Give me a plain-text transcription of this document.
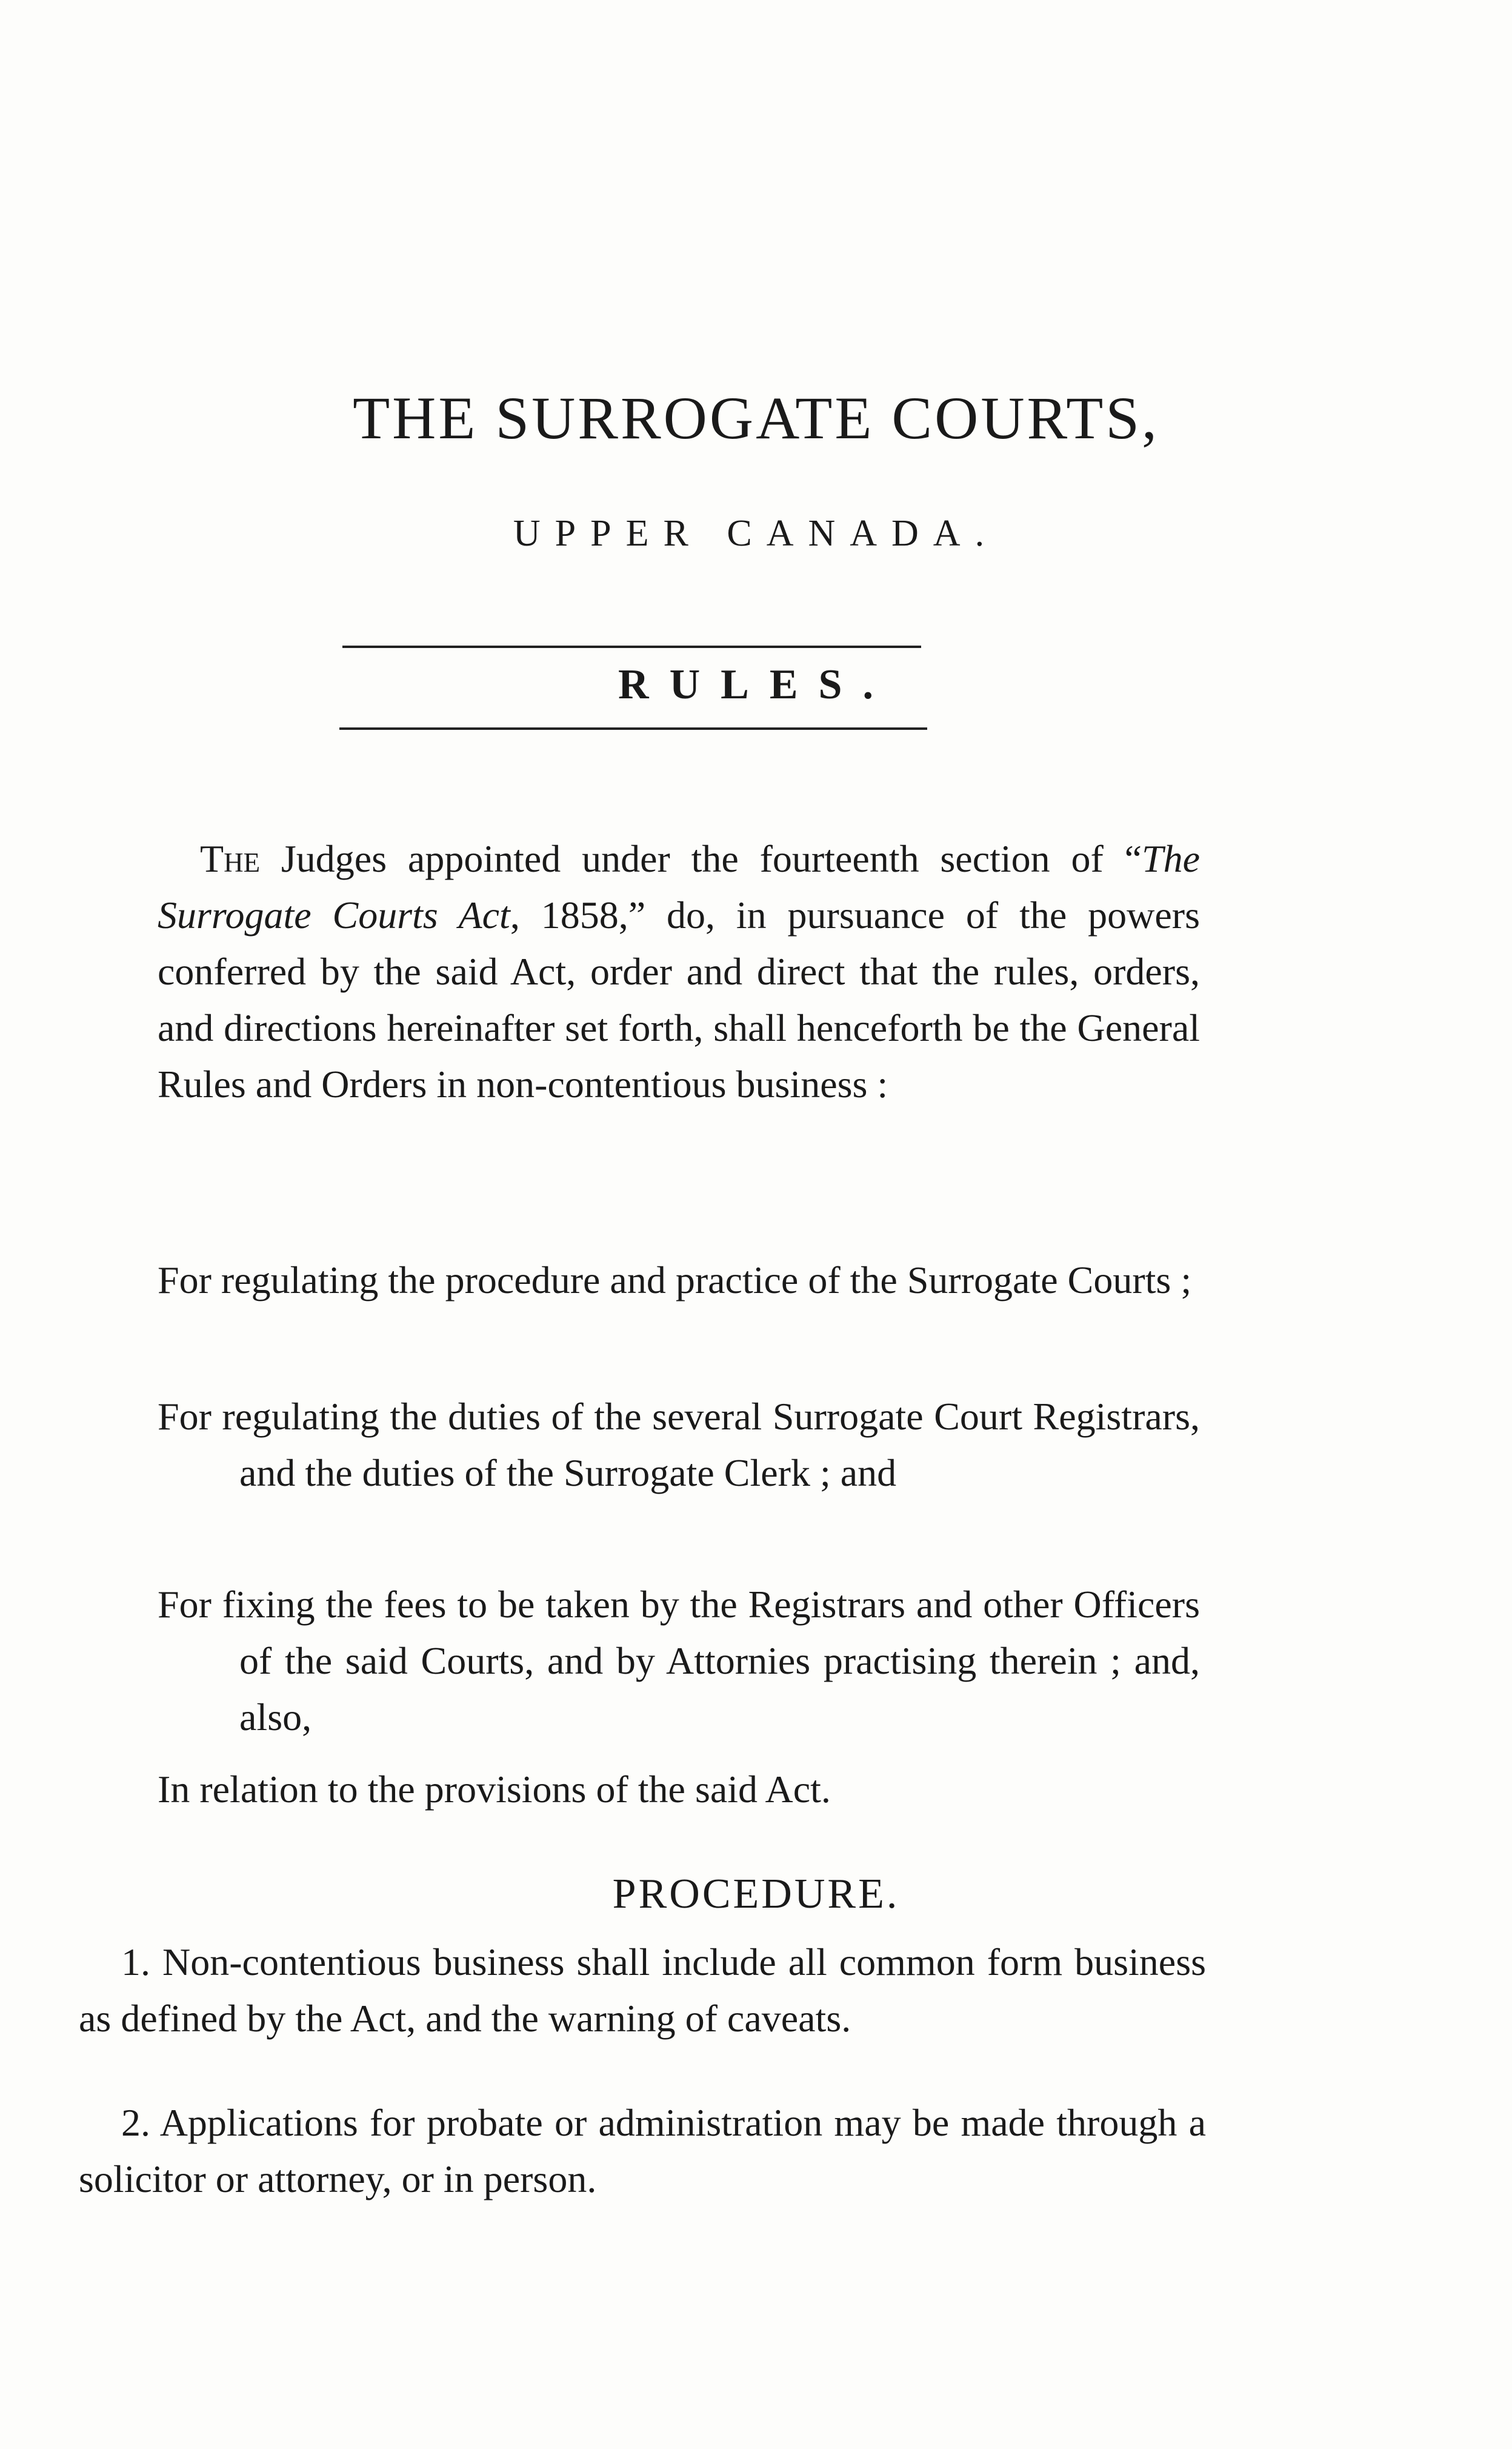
THE SURROGATE COURTS,
UPPER CANADA.
RULES.

The Judges appointed under the fourteenth section of “The Surrogate Courts Act, 1858,” do, in pursuance of the powers conferred by the said Act, order and direct that the rules, orders, and directions hereinafter set forth, shall henceforth be the General Rules and Orders in non-contentious business :

For regulating the procedure and practice of the Surrogate Courts ;

For regulating the duties of the several Surrogate Court Registrars, and the duties of the Surrogate Clerk ; and

For fixing the fees to be taken by the Registrars and other Officers of the said Courts, and by Attornies practising therein ; and, also,

In relation to the provisions of the said Act.

PROCEDURE.

1. Non-contentious business shall include all common form business as defined by the Act, and the warning of caveats.

2. Applications for probate or administration may be made through a solicitor or attorney, or in person.
